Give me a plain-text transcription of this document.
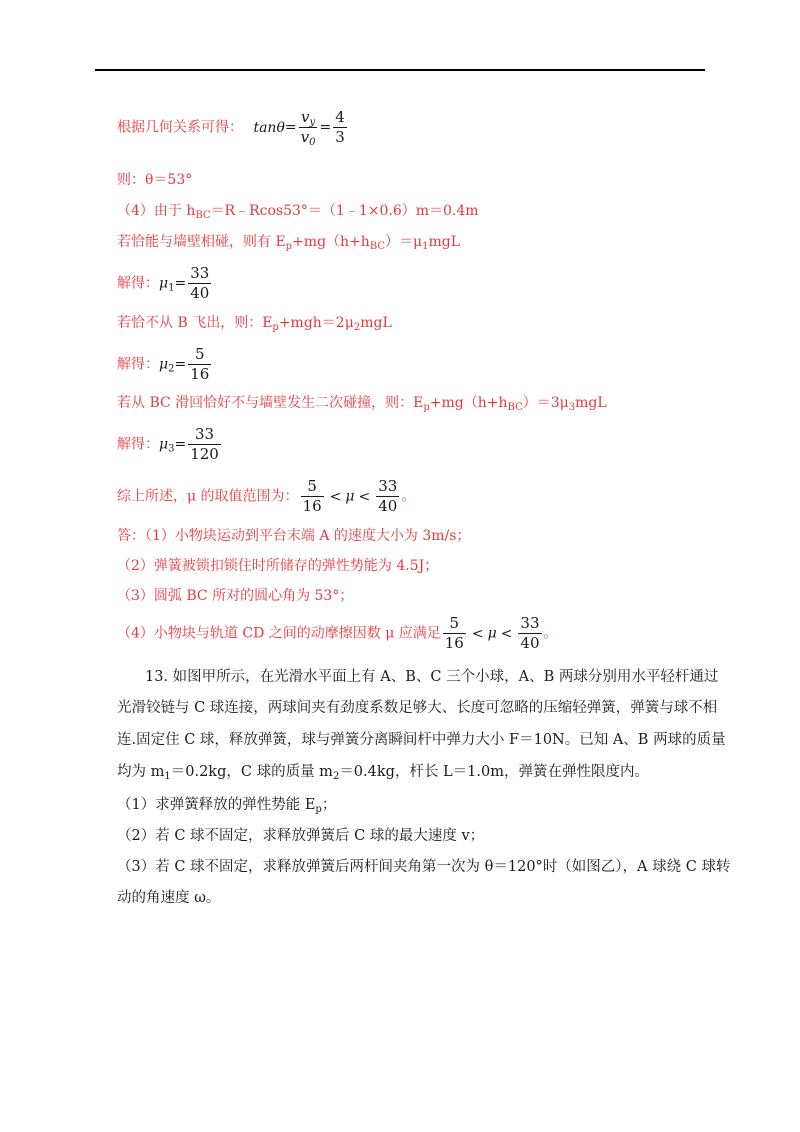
根据几何关系可得： $\tan\theta= \frac{v_y}{v_0} = \frac{4}{3}$
则：θ＝53°
（4）由于 $h_{BC}=R﹣Rcos53^\circ=(1﹣1\times 0.6)m=0.4m$
若恰能与墙壁相碰，则有 $E_p+mg(h+h_{BC})=\mu_1mgL$
解得：$\mu_1= \frac{33}{40}$
若恰不从 B 飞出，则：$E_p+mgh=2\mu_2mgL$
解得：$\mu_2= \frac{5}{16}$
若从 BC 滑回恰好不与墙壁发生二次碰撞，则：$E_p+mg(h+h_{BC})=3\mu_3mgL$
解得：$\mu_3= \frac{33}{120}$
综上所述，μ 的取值范围为： $\frac{5}{16} < \mu < \frac{33}{40}$ 。
答：（1）小物块运动到平台末端 A 的速度大小为 3m/s；
（2）弹簧被锁扣锁住时所储存的弹性势能为 4.5J；
（3）圆弧 BC 所对的圆心角为 53°；
（4）小物块与轨道 CD 之间的动摩擦因数 μ 应满足 $\frac{5}{16} < \mu < \frac{33}{40}$ 。
13. 如图甲所示，在光滑水平面上有 A、B、C 三个小球，A、B 两球分别用水平轻杆通过
光滑铰链与 C 球连接，两球间夹有劲度系数足够大、长度可忽略的压缩轻弹簧，弹簧与球不相
连.固定住 C 球，释放弹簧，球与弹簧分离瞬间杆中弹力大小 F＝10N。已知 A、B 两球的质量
均为 $m_1=0.2kg$，C 球的质量 $m_2=0.4kg$，杆长 L＝1.0m，弹簧在弹性限度内。
（1）求弹簧释放的弹性势能 $E_p$；
（2）若 C 球不固定，求释放弹簧后 C 球的最大速度 v；
（3）若 C 球不固定，求释放弹簧后两杆间夹角第一次为 θ＝120°时（如图乙），A 球绕 C 球转
动的角速度 ω。
